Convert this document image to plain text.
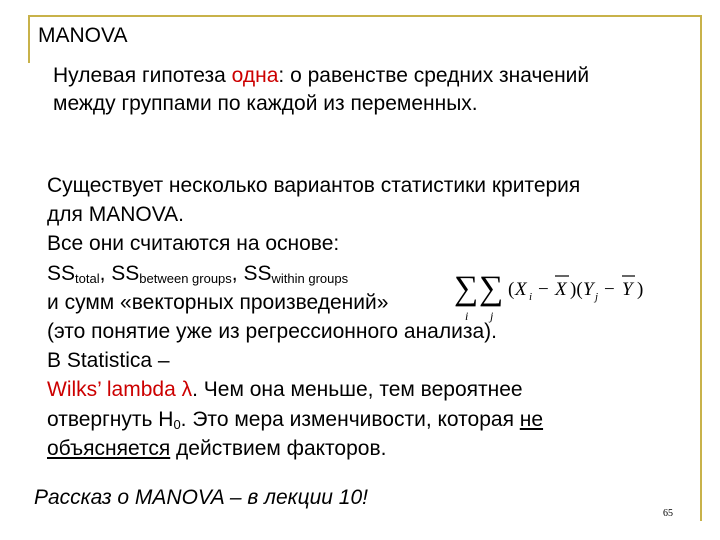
MANOVA
Нулевая гипотеза одна: о равенстве средних значений
между группами по каждой из переменных.
Существует несколько вариантов статистики критерия
для MANOVA.
Все они считаются на основе:
$SS_{total}$, $SS_{between groups}$, $SS_{within groups}$
и сумм «векторных произведений»
(это понятие уже из регрессионного анализа).
В Statistica –
Wilks’ lambda λ. Чем она меньше, тем вероятнее
отвергнуть $H_0$. Это мера изменчивости, которая не
объясняется действием факторов.
∑ ∑
i j
( X i − X )( Y j − Y )
Рассказ о MANOVA – в лекции 10!
65
